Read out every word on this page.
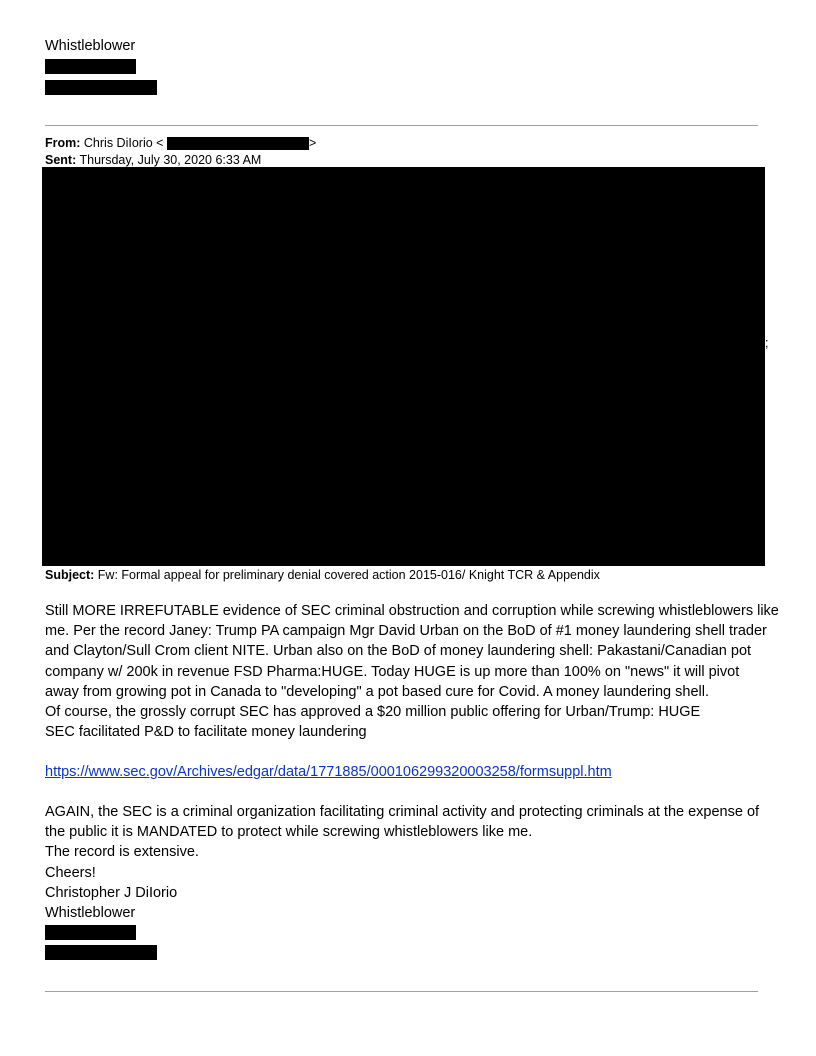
Whistleblower
From: Chris DiIorio <	>
Sent: Thursday, July 30, 2020 6:33 AM
;
Subject: Fw: Formal appeal for preliminary denial covered action 2015-016/ Knight TCR & Appendix
Still MORE IRREFUTABLE evidence of SEC criminal obstruction and corruption while screwing whistleblowers like
me. Per the record Janey: Trump PA campaign Mgr David Urban on the BoD of #1 money laundering shell trader
and Clayton/Sull Crom client NITE. Urban also on the BoD of money laundering shell: Pakastani/Canadian pot
company w/ 200k in revenue FSD Pharma:HUGE. Today HUGE is up more than 100% on "news" it will pivot
away from growing pot in Canada to "developing" a pot based cure for Covid. A money laundering shell.
Of course, the grossly corrupt SEC has approved a $20 million public offering for Urban/Trump: HUGE
SEC facilitated P&D to facilitate money laundering
https://www.sec.gov/Archives/edgar/data/1771885/000106299320003258/formsuppl.htm
AGAIN, the SEC is a criminal organization facilitating criminal activity and protecting criminals at the expense of
the public it is MANDATED to protect while screwing whistleblowers like me.
The record is extensive.
Cheers!
Christopher J DiIorio
Whistleblower
